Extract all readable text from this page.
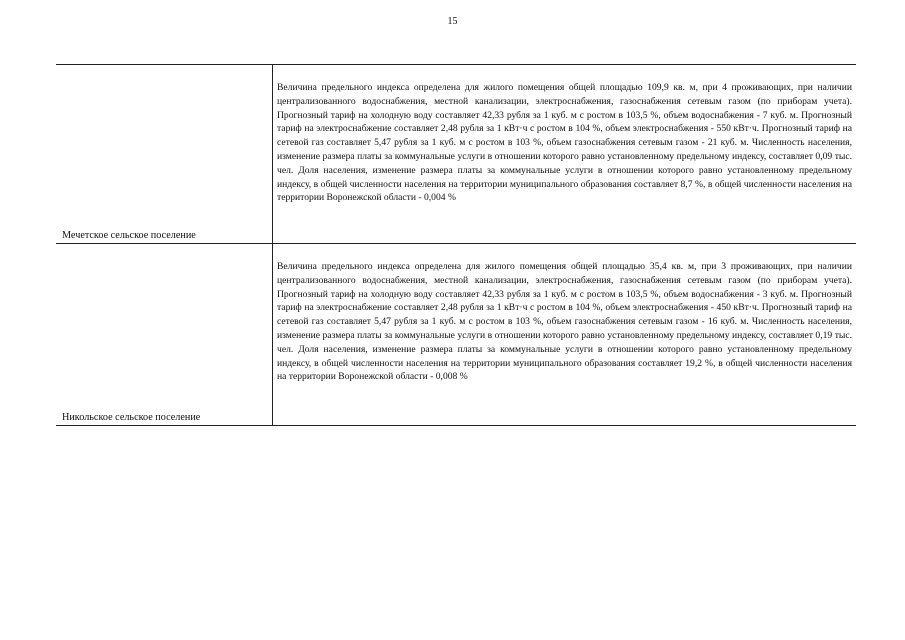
15
Мечетское сельское поселение
Величина предельного индекса определена для жилого помещения общей площадью 109,9 кв. м, при 4 проживающих, при наличии централизованного водоснабжения, местной канализации, электроснабжения, газоснабжения сетевым газом (по приборам учета). Прогнозный тариф на холодную воду составляет 42,33 рубля за 1 куб. м с ростом в 103,5 %, объем водоснабжения - 7 куб. м. Прогнозный тариф на электроснабжение составляет 2,48 рубля за 1 кВт·ч с ростом в 104 %, объем электроснабжения - 550 кВт·ч. Прогнозный тариф на сетевой газ составляет 5,47 рубля за 1 куб. м с ростом в 103 %, объем газоснабжения сетевым газом - 21 куб. м. Численность населения, изменение размера платы за коммунальные услуги в отношении которого равно установленному предельному индексу, составляет 0,09 тыс. чел. Доля населения, изменение размера платы за коммунальные услуги в отношении которого равно установленному предельному индексу, в общей численности населения на территории муниципального образования составляет 8,7 %, в общей численности населения на территории Воронежской области - 0,004 %
Никольское сельское поселение
Величина предельного индекса определена для жилого помещения общей площадью 35,4 кв. м, при 3 проживающих, при наличии централизованного водоснабжения, местной канализации, электроснабжения, газоснабжения сетевым газом (по приборам учета). Прогнозный тариф на холодную воду составляет 42,33 рубля за 1 куб. м с ростом в 103,5 %, объем водоснабжения - 3 куб. м. Прогнозный тариф на электроснабжение составляет 2,48 рубля за 1 кВт·ч с ростом в 104 %, объем электроснабжения - 450 кВт·ч. Прогнозный тариф на сетевой газ составляет 5,47 рубля за 1 куб. м с ростом в 103 %, объем газоснабжения сетевым газом - 16 куб. м. Численность населения, изменение размера платы за коммунальные услуги в отношении которого равно установленному предельному индексу, составляет 0,19 тыс. чел. Доля населения, изменение размера платы за коммунальные услуги в отношении которого равно установленному предельному индексу, в общей численности населения на территории муниципального образования составляет 19,2 %, в общей численности населения на территории Воронежской области - 0,008 %
